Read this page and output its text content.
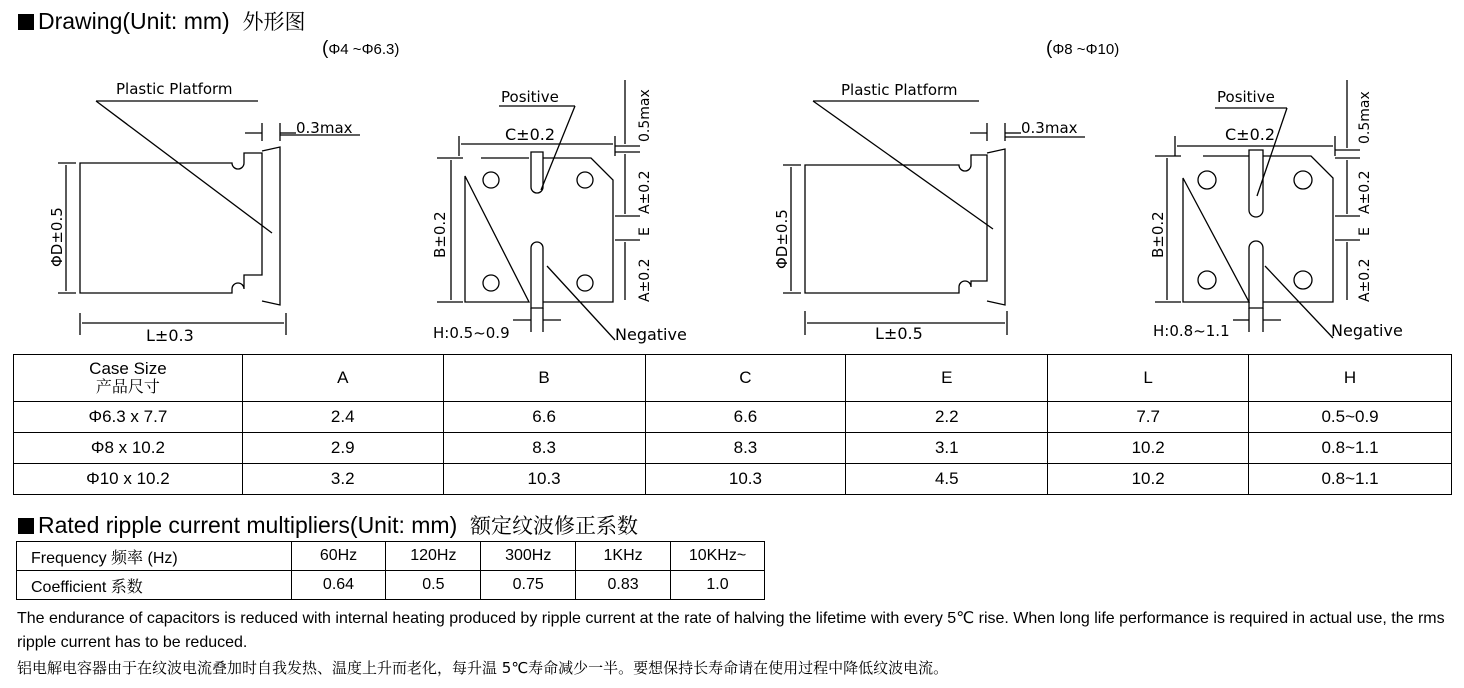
Drawing(Unit: mm) 外形图
(Φ4 ~Φ6.3)	(Φ8 ~Φ10)
Plastic Platform
0.3max
ΦD±0.5
L±0.3
Positive
C±0.2
B±0.2
0.5max
A±0.2
E
A±0.2
H:0.5~0.9	Negative
Plastic Platform
0.3max
ΦD±0.5
L±0.5
Positive
C±0.2
B±0.2
0.5max
A±0.2
E
A±0.2
H:0.8~1.1	Negative
Case Size
产品尺寸	A	B	C	E	L	H
Φ6.3 x 7.7	2.4	6.6	6.6	2.2	7.7	0.5~0.9
Φ8 x 10.2	2.9	8.3	8.3	3.1	10.2	0.8~1.1
Φ10 x 10.2	3.2	10.3	10.3	4.5	10.2	0.8~1.1
Rated ripple current multipliers(Unit: mm) 额定纹波修正系数
Frequency 频率 (Hz)	60Hz	120Hz	300Hz	1KHz	10KHz~
Coefficient 系数	0.64	0.5	0.75	0.83	1.0
The endurance of capacitors is reduced with internal heating produced by ripple current at the rate of halving the lifetime with every 5℃ rise. When long life performance is required in actual use, the rms ripple current has to be reduced.
铝电解电容器由于在纹波电流叠加时自我发热、温度上升而老化，每升温 5℃寿命减少一半。要想保持长寿命请在使用过程中降低纹波电流。
